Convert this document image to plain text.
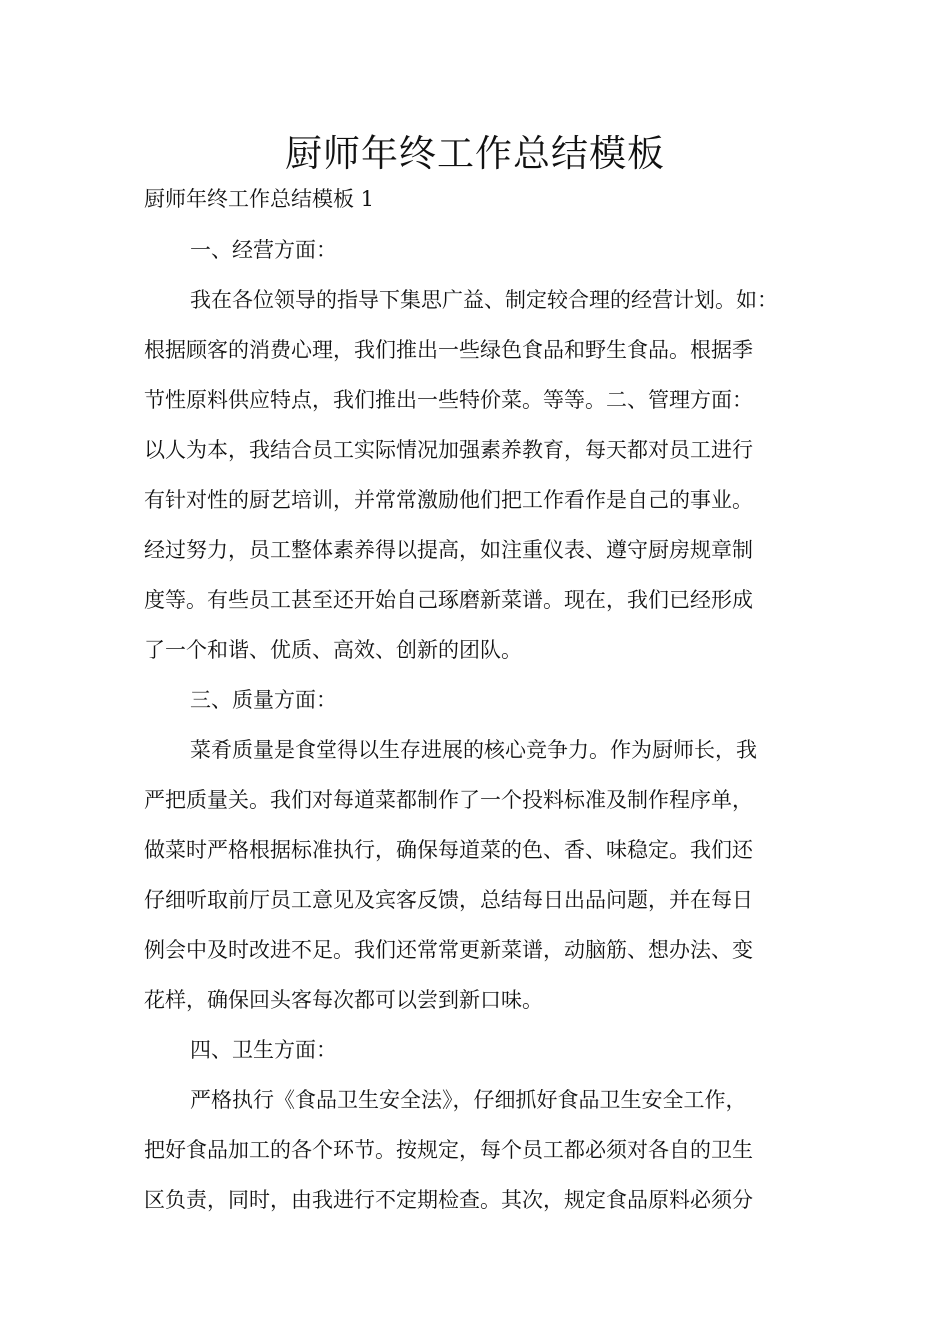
厨师年终工作总结模板

厨师年终工作总结模板 1

一、经营方面：

我在各位领导的指导下集思广益、制定较合理的经营计划。如：

根据顾客的消费心理，我们推出一些绿色食品和野生食品。根据季

节性原料供应特点，我们推出一些特价菜。等等。二、管理方面：

以人为本，我结合员工实际情况加强素养教育，每天都对员工进行

有针对性的厨艺培训，并常常激励他们把工作看作是自己的事业。

经过努力，员工整体素养得以提高，如注重仪表、遵守厨房规章制

度等。有些员工甚至还开始自己琢磨新菜谱。现在，我们已经形成

了一个和谐、优质、高效、创新的团队。

三、质量方面：

菜肴质量是食堂得以生存进展的核心竞争力。作为厨师长，我

严把质量关。我们对每道菜都制作了一个投料标准及制作程序单，

做菜时严格根据标准执行，确保每道菜的色、香、味稳定。我们还

仔细听取前厅员工意见及宾客反馈，总结每日出品问题，并在每日

例会中及时改进不足。我们还常常更新菜谱，动脑筋、想办法、变

花样，确保回头客每次都可以尝到新口味。

四、卫生方面：

严格执行《食品卫生安全法》，仔细抓好食品卫生安全工作，

把好食品加工的各个环节。按规定，每个员工都必须对各自的卫生

区负责，同时，由我进行不定期检查。其次，规定食品原料必须分
